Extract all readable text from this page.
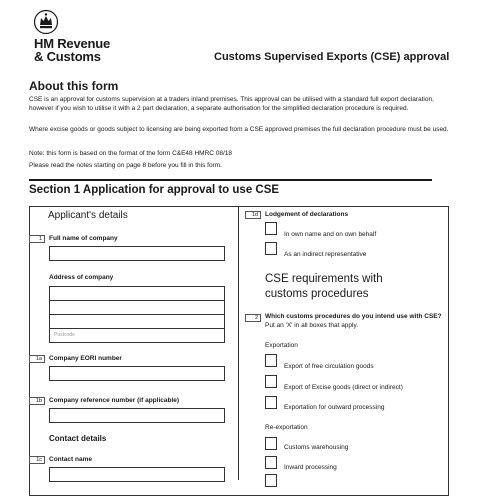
HM Revenue
& Customs	Customs Supervised Exports (CSE) approval
About this form
CSE is an approval for customs supervision at a traders inland premises. This approval can be utilised with a standard full export declaration, however if you wish to utilise it with a 2 part declaration, a separate authorisation for the simplified declaration procedure is required.
Where excise goods or goods subject to licensing are being exported from a CSE approved premises the full declaration procedure must be used.
Note: this form is based on the format of the form C&E48 HMRC 08/18
Please read the notes starting on page 8 before you fill in this form.
Section 1 Application for approval to use CSE
Applicant's details
1	Full name of company
Address of company
Postcode
1a	Company EORI number
1b	Company reference number (if applicable)
Contact details
1c	Contact name
1d	Lodgement of declarations
In own name and on own behalf
As an indirect representative
CSE requirements with
customs procedures
2	Which customs procedures do you intend use with CSE?
Put an 'X' in all boxes that apply.
Exportation
Export of free circulation goods
Export of Excise goods (direct or indirect)
Exportation for outward processing
Re-exportation
Customs warehousing
Inward processing
